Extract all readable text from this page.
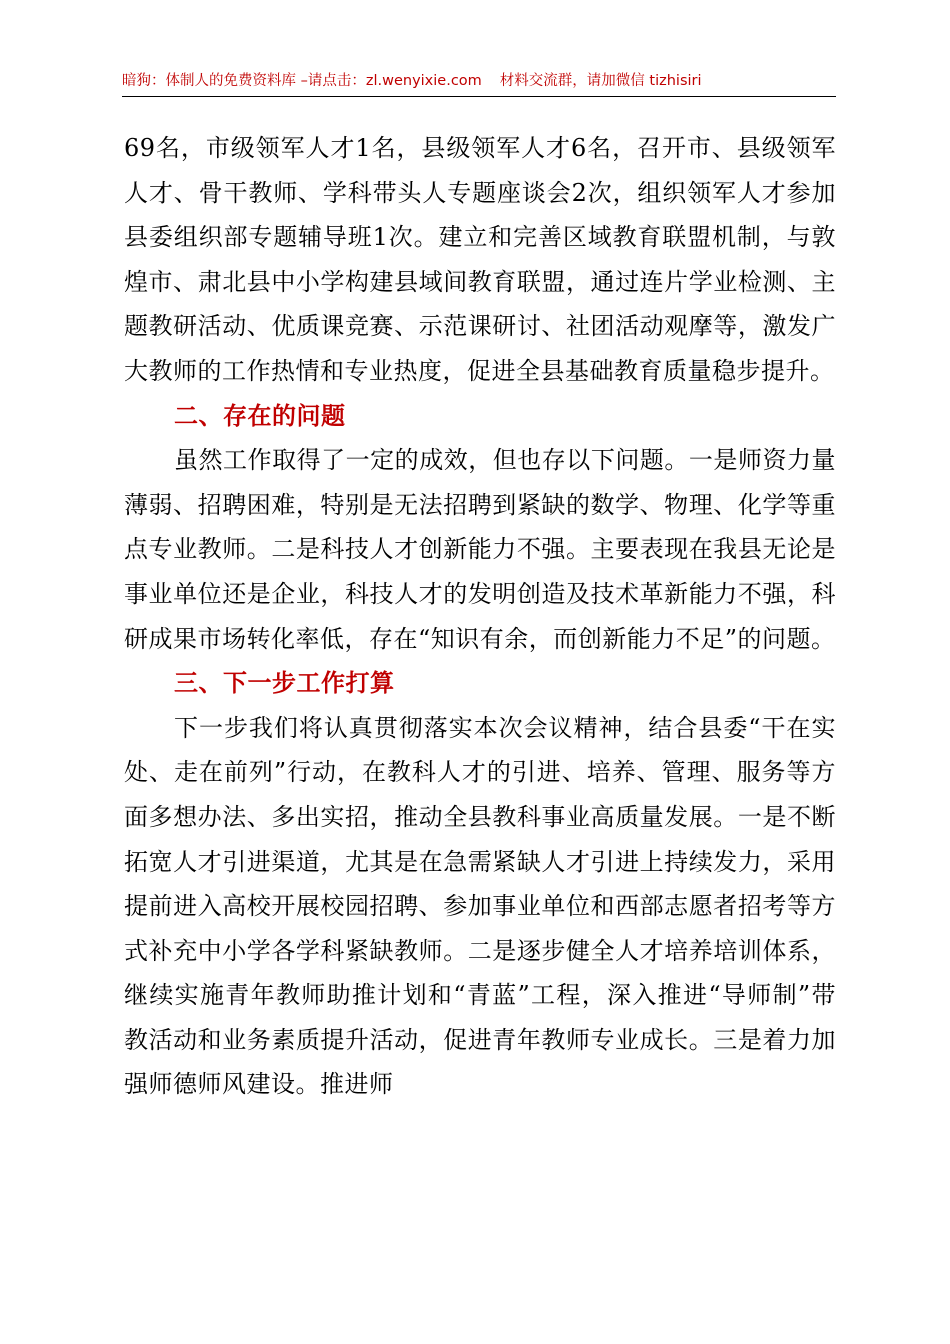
暗狗：体制人的免费资料库 –请点击：zl.wenyixie.com 材料交流群，请加微信 tizhisiri

69名，市级领军人才1名，县级领军人才6名，召开市、县级领军人才、骨干教师、学科带头人专题座谈会2次，组织领军人才参加县委组织部专题辅导班1次。建立和完善区域教育联盟机制，与敦煌市、肃北县中小学构建县域间教育联盟，通过连片学业检测、主题教研活动、优质课竞赛、示范课研讨、社团活动观摩等，激发广大教师的工作热情和专业热度，促进全县基础教育质量稳步提升。

二、存在的问题

虽然工作取得了一定的成效，但也存以下问题。一是师资力量薄弱、招聘困难，特别是无法招聘到紧缺的数学、物理、化学等重点专业教师。二是科技人才创新能力不强。主要表现在我县无论是事业单位还是企业，科技人才的发明创造及技术革新能力不强，科研成果市场转化率低，存在“知识有余，而创新能力不足”的问题。

三、下一步工作打算

下一步我们将认真贯彻落实本次会议精神，结合县委“干在实处、走在前列”行动，在教科人才的引进、培养、管理、服务等方面多想办法、多出实招，推动全县教科事业高质量发展。一是不断拓宽人才引进渠道，尤其是在急需紧缺人才引进上持续发力，采用提前进入高校开展校园招聘、参加事业单位和西部志愿者招考等方式补充中小学各学科紧缺教师。二是逐步健全人才培养培训体系，继续实施青年教师助推计划和“青蓝”工程，深入推进“导师制”带教活动和业务素质提升活动，促进青年教师专业成长。三是着力加强师德师风建设。推进师
